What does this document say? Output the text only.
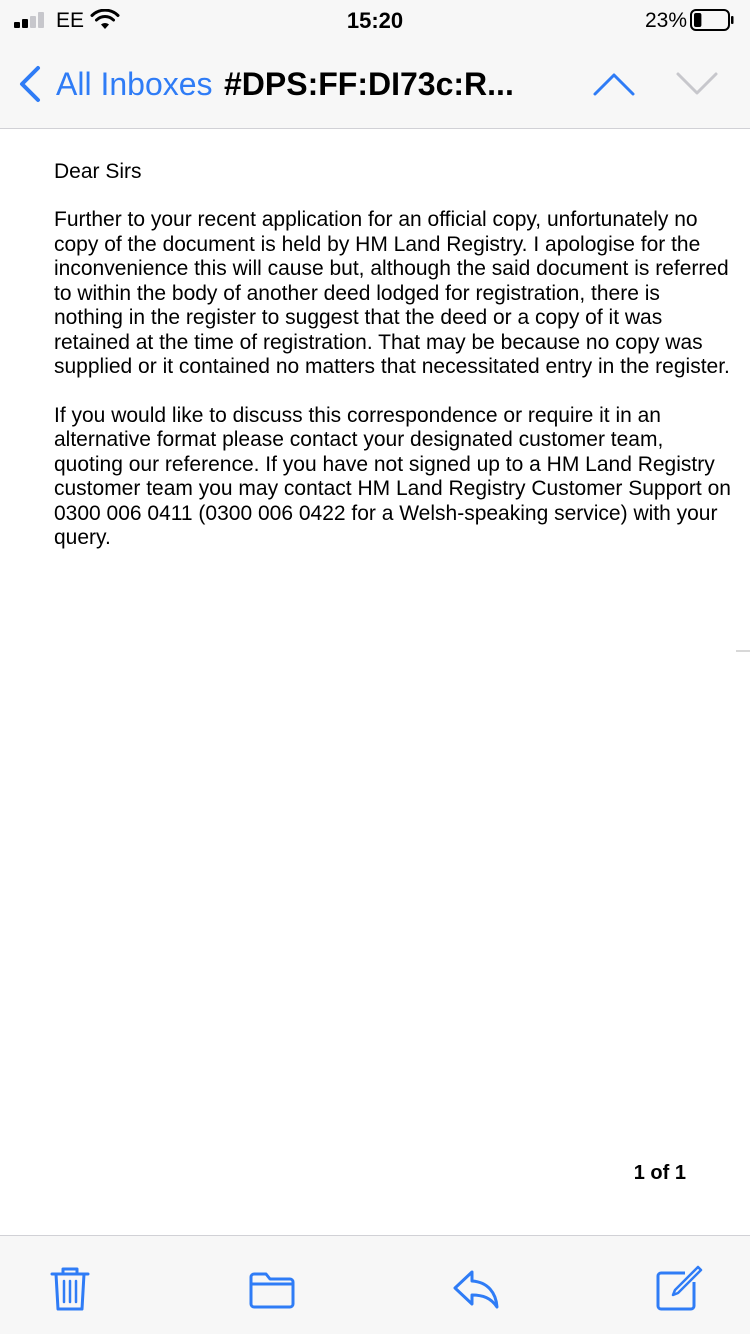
EE	15:20	23%
All Inboxes #DPS:FF:DI73c:R...

Dear Sirs

Further to your recent application for an official copy, unfortunately no copy of the document is held by HM Land Registry. I apologise for the inconvenience this will cause but, although the said document is referred to within the body of another deed lodged for registration, there is nothing in the register to suggest that the deed or a copy of it was retained at the time of registration. That may be because no copy was supplied or it contained no matters that necessitated entry in the register.

If you would like to discuss this correspondence or require it in an alternative format please contact your designated customer team, quoting our reference. If you have not signed up to a HM Land Registry customer team you may contact HM Land Registry Customer Support on 0300 006 0411 (0300 006 0422 for a Welsh-speaking service) with your query.

1 of 1
